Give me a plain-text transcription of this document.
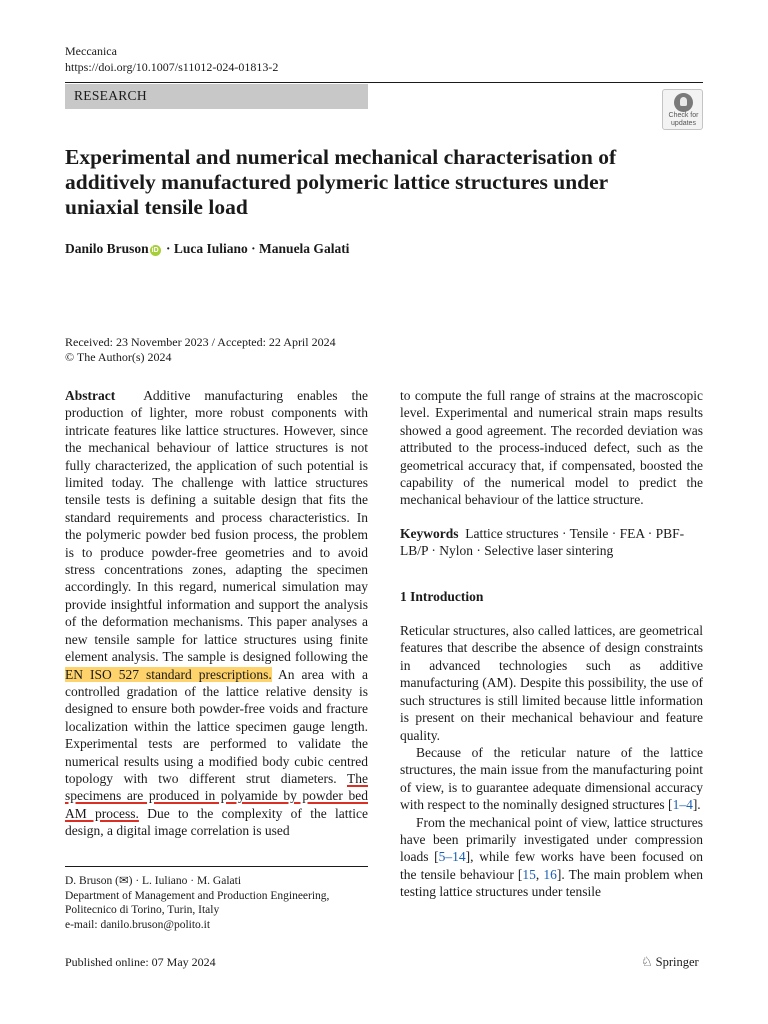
Meccanica
https://doi.org/10.1007/s11012-024-01813-2
RESEARCH
Check for
updates
Experimental and numerical mechanical characterisation of additively manufactured polymeric lattice structures under uniaxial tensile load
Danilo Bruson iD · Luca Iuliano · Manuela Galati
Received: 23 November 2023 / Accepted: 22 April 2024
© The Author(s) 2024

Abstract Additive manufacturing enables the production of lighter, more robust components with intricate features like lattice structures. However, since the mechanical behaviour of lattice structures is not fully characterized, the application of such potential is limited today. The challenge with lattice structures tensile tests is defining a suitable design that fits the standard requirements and process characteristics. In the polymeric powder bed fusion process, the problem is to produce powder-free geometries and to avoid stress concentrations zones, adapting the specimen accordingly. In this regard, numerical simulation may provide insightful information and support the analysis of the deformation mechanisms. This paper analyses a new tensile sample for lattice structures using finite element analysis. The sample is designed following the EN ISO 527 standard prescriptions. An area with a controlled gradation of the lattice relative density is designed to ensure both powder-free voids and fracture localization within the lattice specimen gauge length. Experimental tests are performed to validate the numerical results using a modified body cubic centred topology with two different strut diameters. The specimens are produced in polyamide by powder bed AM process. Due to the complexity of the lattice design, a digital image correlation is used

to compute the full range of strains at the macroscopic level. Experimental and numerical strain maps results showed a good agreement. The recorded deviation was attributed to the process-induced defect, such as the geometrical accuracy that, if compensated, boosted the capability of the numerical model to predict the mechanical behaviour of the lattice structure.

Keywords Lattice structures · Tensile · FEA · PBF-LB/P · Nylon · Selective laser sintering

1 Introduction

Reticular structures, also called lattices, are geometrical features that describe the absence of design constraints in advanced technologies such as additive manufacturing (AM). Despite this possibility, the use of such structures is still limited because little information is present on their mechanical behaviour and feature quality.

Because of the reticular nature of the lattice structures, the main issue from the manufacturing point of view, is to guarantee adequate dimensional accuracy with respect to the nominally designed structures [1–4].

From the mechanical point of view, lattice structures have been primarily investigated under compression loads [5–14], while few works have been focused on the tensile behaviour [15, 16]. The main problem when testing lattice structures under tensile

D. Bruson (✉) · L. Iuliano · M. Galati
Department of Management and Production Engineering,
Politecnico di Torino, Turin, Italy
e-mail: danilo.bruson@polito.it
Published online: 07 May 2024	♘ Springer
